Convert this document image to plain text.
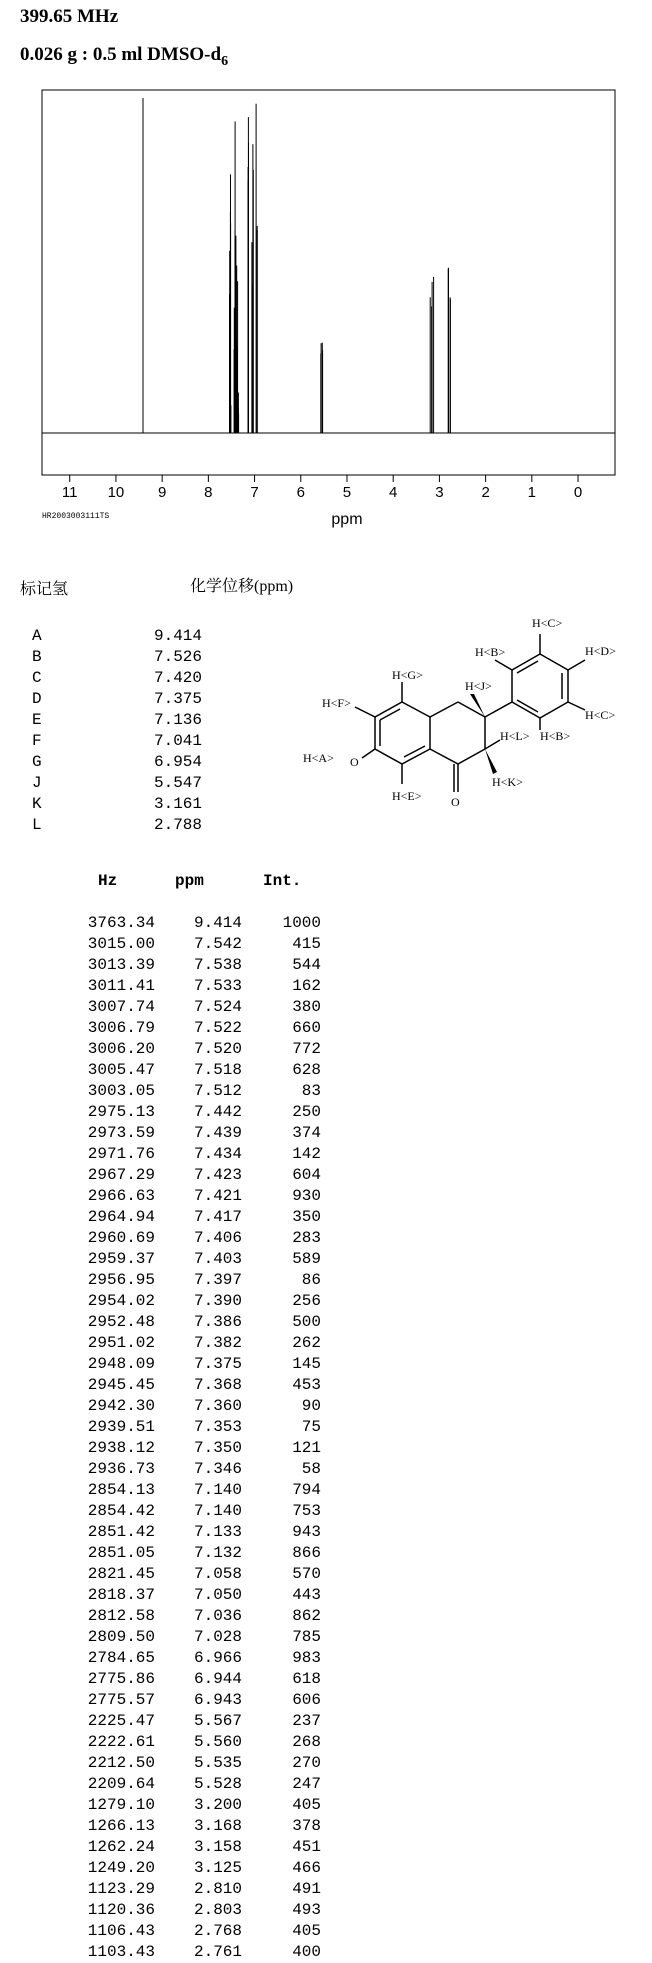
399.65 MHz
0.026 g : 0.5 ml DMSO-$d_6$
11 10 9	8	7	6	5	4	3	2	1	0
ppm
HR2003003111TS
标记氢	化学位移(ppm)
A	9.414
B	7.526
C	7.420
D	7.375
E	7.136
F	7.041
G	6.954
J	5.547
K	3.161
L	2.788
H<C>
H<B>	H<D>
H<G>
H<J>
H<F>
H<C>
H<L> H<B>
H<A>
H<K>
H<E> O
O
Hz	ppm	Int.
3763.34	9.414	1000
3015.00	7.542	415
3013.39	7.538	544
3011.41	7.533	162
3007.74	7.524	380
3006.79	7.522	660
3006.20	7.520	772
3005.47	7.518	628
3003.05	7.512	83
2975.13	7.442	250
2973.59	7.439	374
2971.76	7.434	142
2967.29	7.423	604
2966.63	7.421	930
2964.94	7.417	350
2960.69	7.406	283
2959.37	7.403	589
2956.95	7.397	86
2954.02	7.390	256
2952.48	7.386	500
2951.02	7.382	262
2948.09	7.375	145
2945.45	7.368	453
2942.30	7.360	90
2939.51	7.353	75
2938.12	7.350	121
2936.73	7.346	58
2854.13	7.140	794
2854.42	7.140	753
2851.42	7.133	943
2851.05	7.132	866
2821.45	7.058	570
2818.37	7.050	443
2812.58	7.036	862
2809.50	7.028	785
2784.65	6.966	983
2775.86	6.944	618
2775.57	6.943	606
2225.47	5.567	237
2222.61	5.560	268
2212.50	5.535	270
2209.64	5.528	247
1279.10	3.200	405
1266.13	3.168	378
1262.24	3.158	451
1249.20	3.125	466
1123.29	2.810	491
1120.36	2.803	493
1106.43	2.768	405
1103.43	2.761	400
